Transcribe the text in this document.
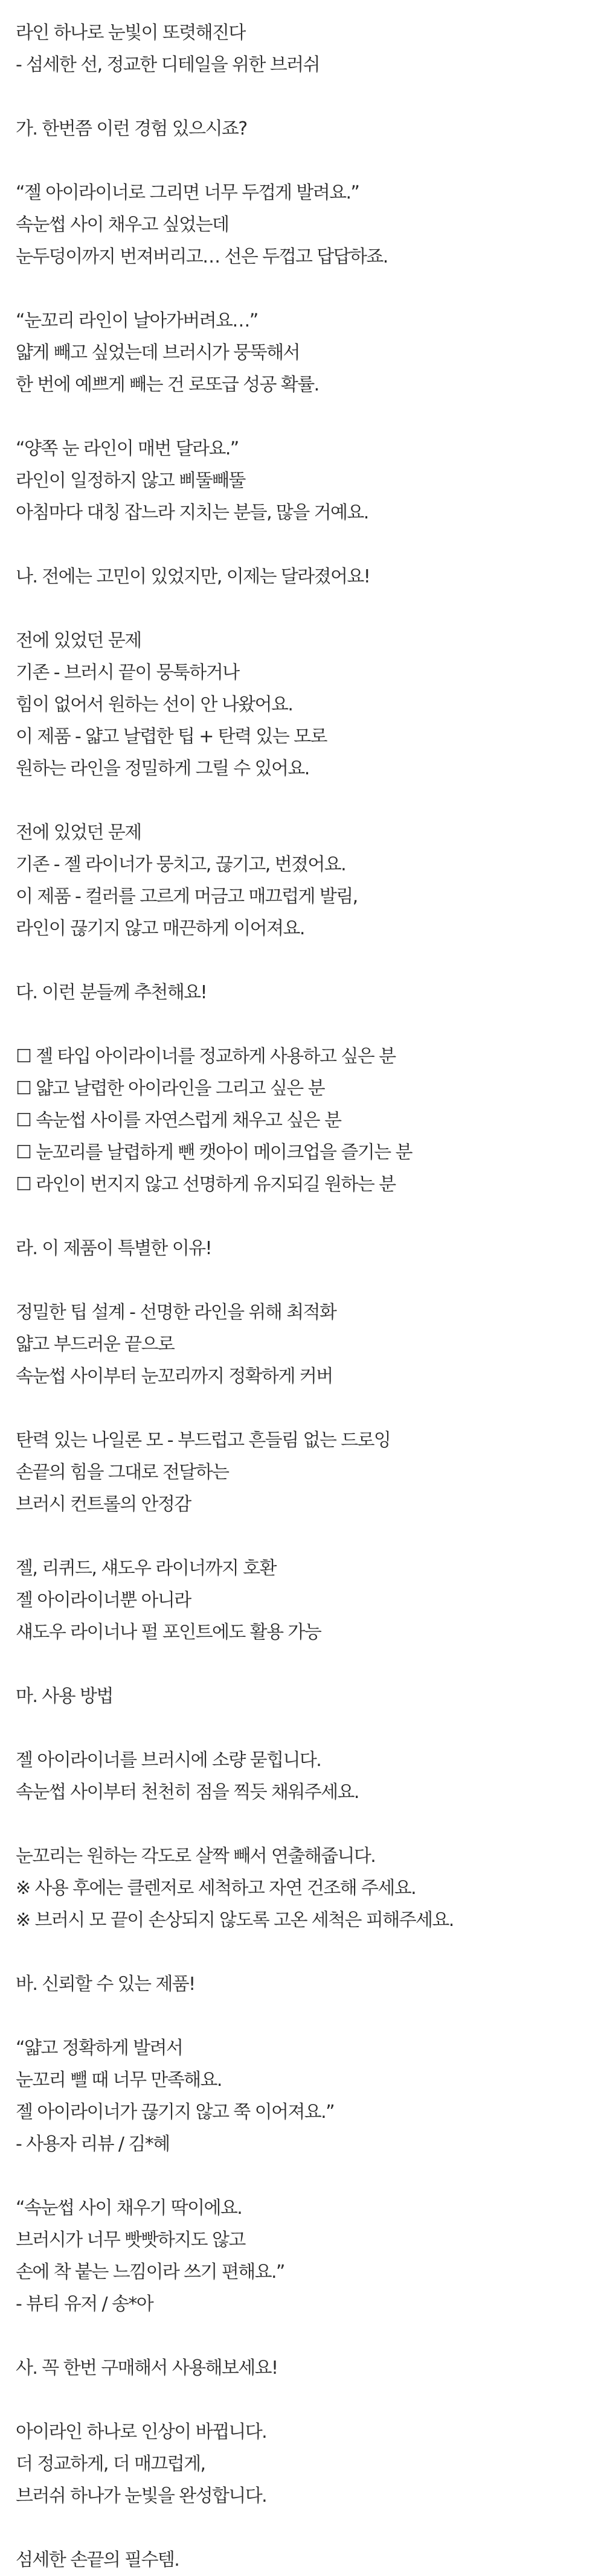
라인 하나로 눈빛이 또렷해진다
- 섬세한 선, 정교한 디테일을 위한 브러쉬
가. 한번쯤 이런 경험 있으시죠?
“젤 아이라이너로 그리면 너무 두껍게 발려요.”
속눈썹 사이 채우고 싶었는데
눈두덩이까지 번져버리고… 선은 두껍고 답답하죠.
“눈꼬리 라인이 날아가버려요…”
얇게 빼고 싶었는데 브러시가 뭉뚝해서
한 번에 예쁘게 빼는 건 로또급 성공 확률.
“양쪽 눈 라인이 매번 달라요.”
라인이 일정하지 않고 삐뚤빼뚤
아침마다 대칭 잡느라 지치는 분들, 많을 거예요.
나. 전에는 고민이 있었지만, 이제는 달라졌어요!
전에 있었던 문제
기존 - 브러시 끝이 뭉툭하거나
힘이 없어서 원하는 선이 안 나왔어요.
이 제품 - 얇고 날렵한 팁 + 탄력 있는 모로
원하는 라인을 정밀하게 그릴 수 있어요.
전에 있었던 문제
기존 - 젤 라이너가 뭉치고, 끊기고, 번졌어요.
이 제품 - 컬러를 고르게 머금고 매끄럽게 발림,
라인이 끊기지 않고 매끈하게 이어져요.
다. 이런 분들께 추천해요!
☐ 젤 타입 아이라이너를 정교하게 사용하고 싶은 분
☐ 얇고 날렵한 아이라인을 그리고 싶은 분
☐ 속눈썹 사이를 자연스럽게 채우고 싶은 분
☐ 눈꼬리를 날렵하게 뺀 캣아이 메이크업을 즐기는 분
☐ 라인이 번지지 않고 선명하게 유지되길 원하는 분
라. 이 제품이 특별한 이유!
정밀한 팁 설계 - 선명한 라인을 위해 최적화
얇고 부드러운 끝으로
속눈썹 사이부터 눈꼬리까지 정확하게 커버
탄력 있는 나일론 모 - 부드럽고 흔들림 없는 드로잉
손끝의 힘을 그대로 전달하는
브러시 컨트롤의 안정감
젤, 리퀴드, 섀도우 라이너까지 호환
젤 아이라이너뿐 아니라
섀도우 라이너나 펄 포인트에도 활용 가능
마. 사용 방법
젤 아이라이너를 브러시에 소량 묻힙니다.
속눈썹 사이부터 천천히 점을 찍듯 채워주세요.
눈꼬리는 원하는 각도로 살짝 빼서 연출해줍니다.
※ 사용 후에는 클렌저로 세척하고 자연 건조해 주세요.
※ 브러시 모 끝이 손상되지 않도록 고온 세척은 피해주세요.
바. 신뢰할 수 있는 제품!
“얇고 정확하게 발려서
눈꼬리 뺄 때 너무 만족해요.
젤 아이라이너가 끊기지 않고 쭉 이어져요.”
- 사용자 리뷰 / 김*혜
“속눈썹 사이 채우기 딱이에요.
브러시가 너무 빳빳하지도 않고
손에 착 붙는 느낌이라 쓰기 편해요.”
- 뷰티 유저 / 송*아
사. 꼭 한번 구매해서 사용해보세요!
아이라인 하나로 인상이 바뀝니다.
더 정교하게, 더 매끄럽게,
브러쉬 하나가 눈빛을 완성합니다.
섬세한 손끝의 필수템.
